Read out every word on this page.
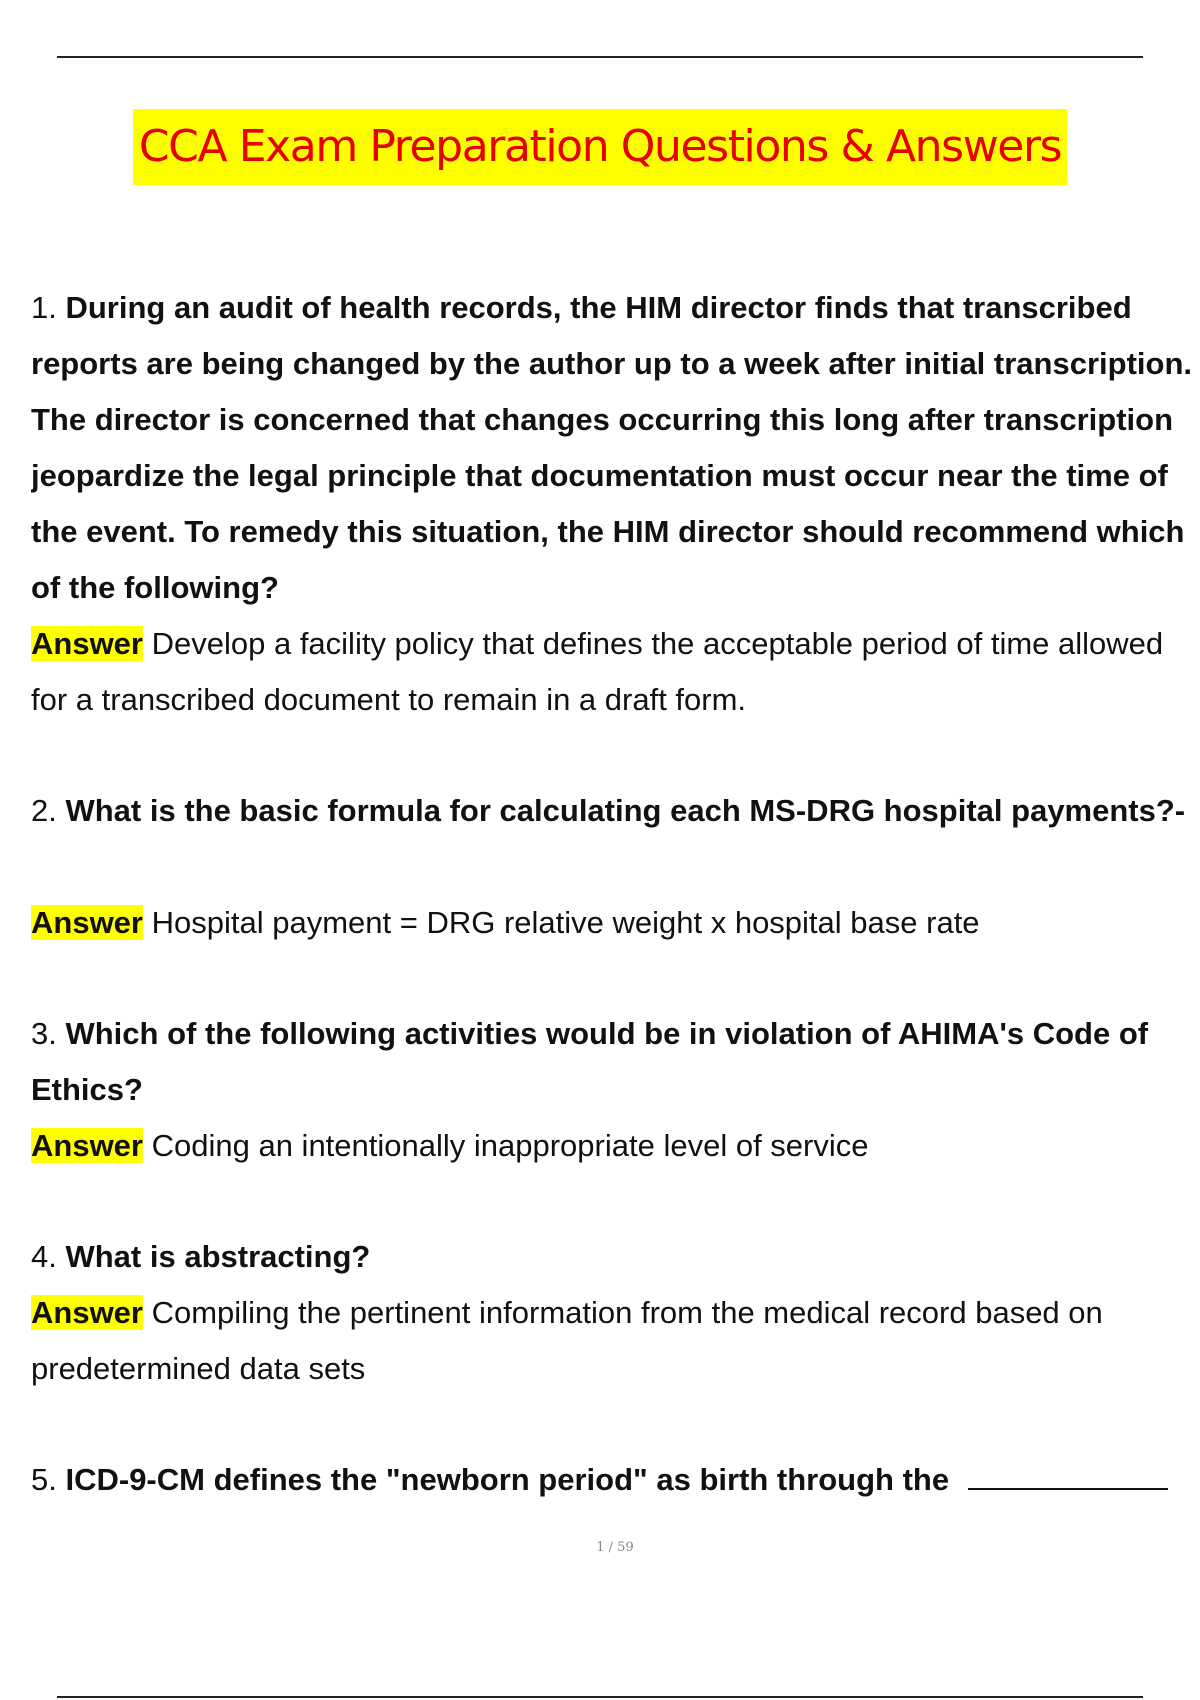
CCA Exam Preparation Questions & Answers
1. During an audit of health records, the HIM director finds that transcribed reports are being changed by the author up to a week after initial transcription. The director is concerned that changes occurring this long after transcription jeopardize the legal principle that documentation must occur near the time of the event. To remedy this situation, the HIM director should recommend which of the following?
Answer Develop a facility policy that defines the acceptable period of time allowed for a transcribed document to remain in a draft form.
2. What is the basic formula for calculating each MS-DRG hospital payments?-
Answer Hospital payment = DRG relative weight x hospital base rate
3. Which of the following activities would be in violation of AHIMA's Code of Ethics?
Answer Coding an intentionally inappropriate level of service
4. What is abstracting?
Answer Compiling the pertinent information from the medical record based on predetermined data sets
5. ICD-9-CM defines the "newborn period" as birth through the
1 / 59
